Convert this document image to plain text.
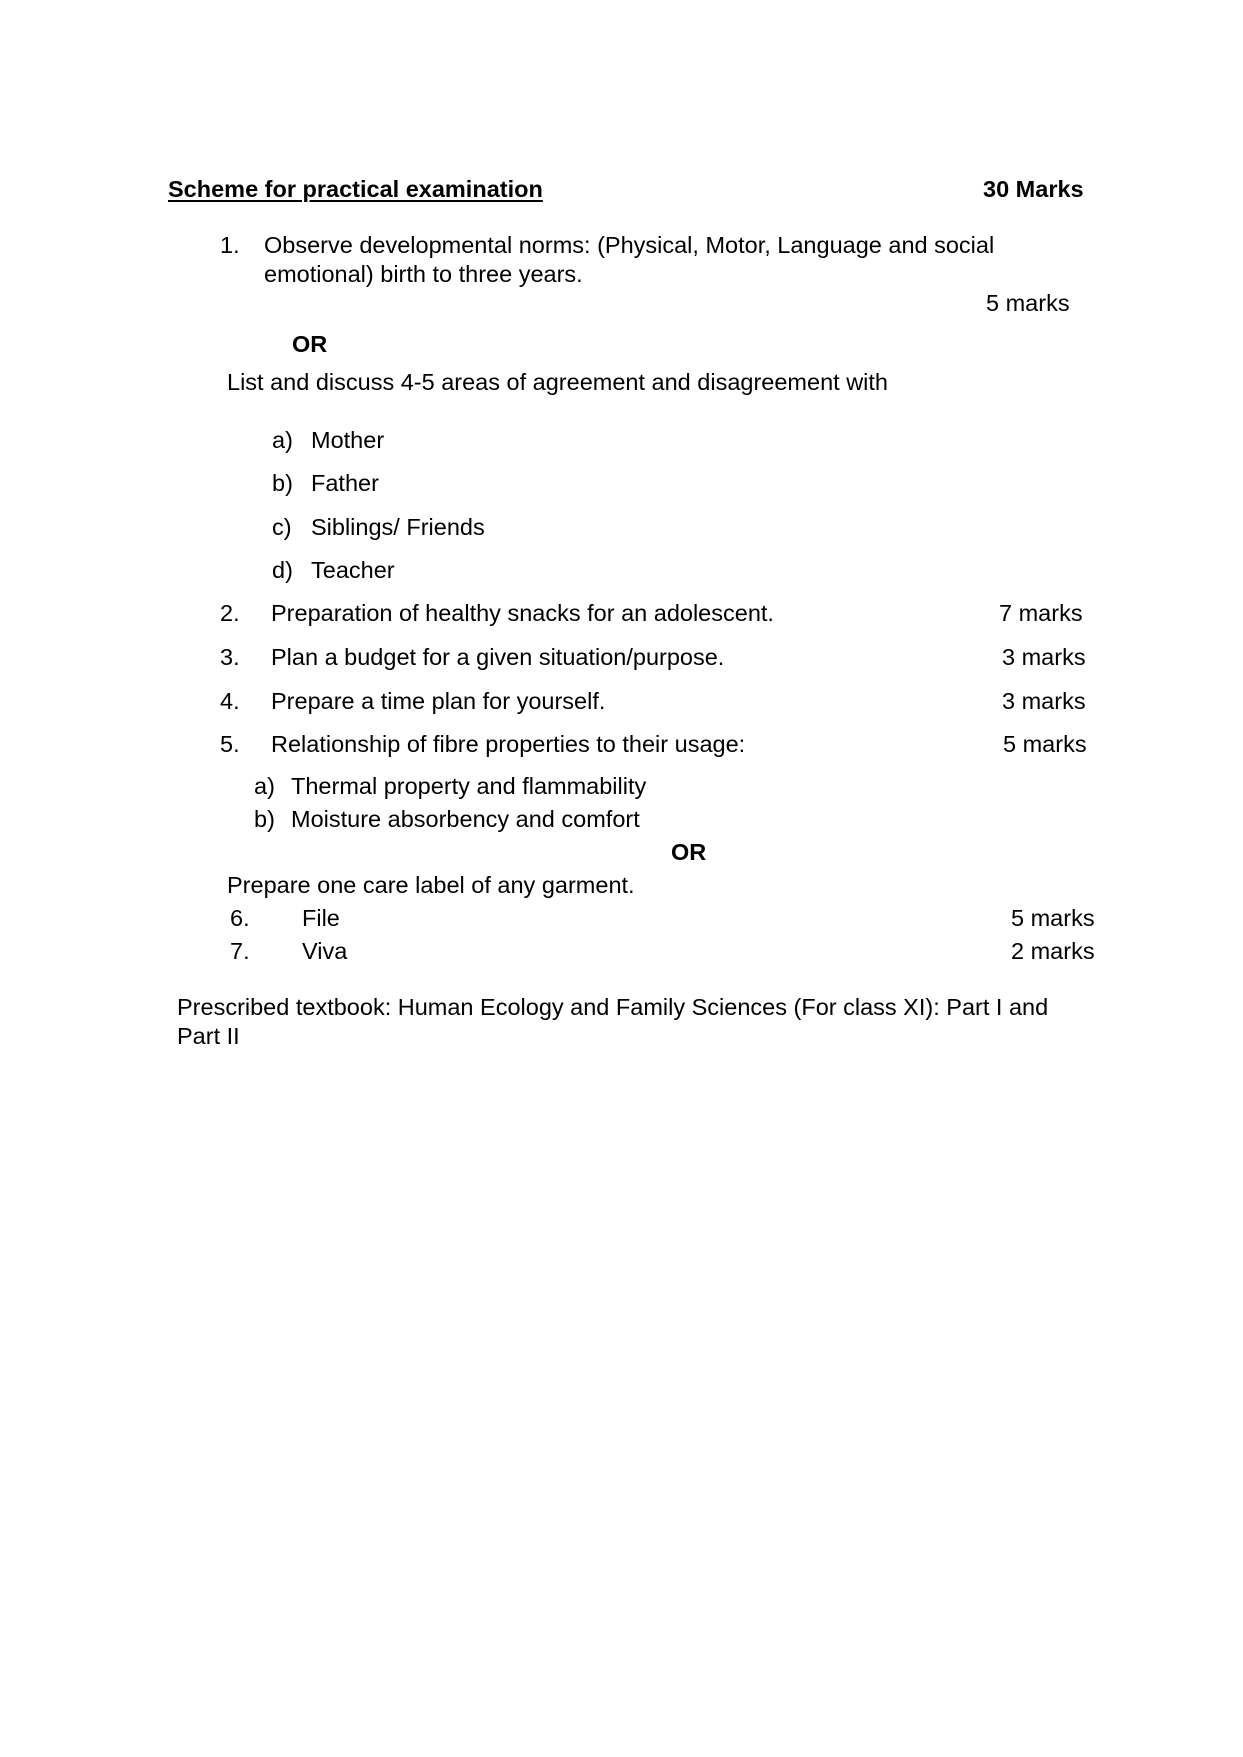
Scheme for practical examination	30 Marks
1. Observe developmental norms: (Physical, Motor, Language and social
emotional) birth to three years.
5 marks
OR
List and discuss 4-5 areas of agreement and disagreement with
a) Mother
b) Father
c) Siblings/ Friends
d) Teacher
2. Preparation of healthy snacks for an adolescent.	7 marks
3. Plan a budget for a given situation/purpose.	3 marks
4. Prepare a time plan for yourself.	3 marks
5. Relationship of fibre properties to their usage:	5 marks
a) Thermal property and flammability
b) Moisture absorbency and comfort
OR
Prepare one care label of any garment.
6. File	5 marks
7. Viva	2 marks
Prescribed textbook: Human Ecology and Family Sciences (For class XI): Part I and
Part II
